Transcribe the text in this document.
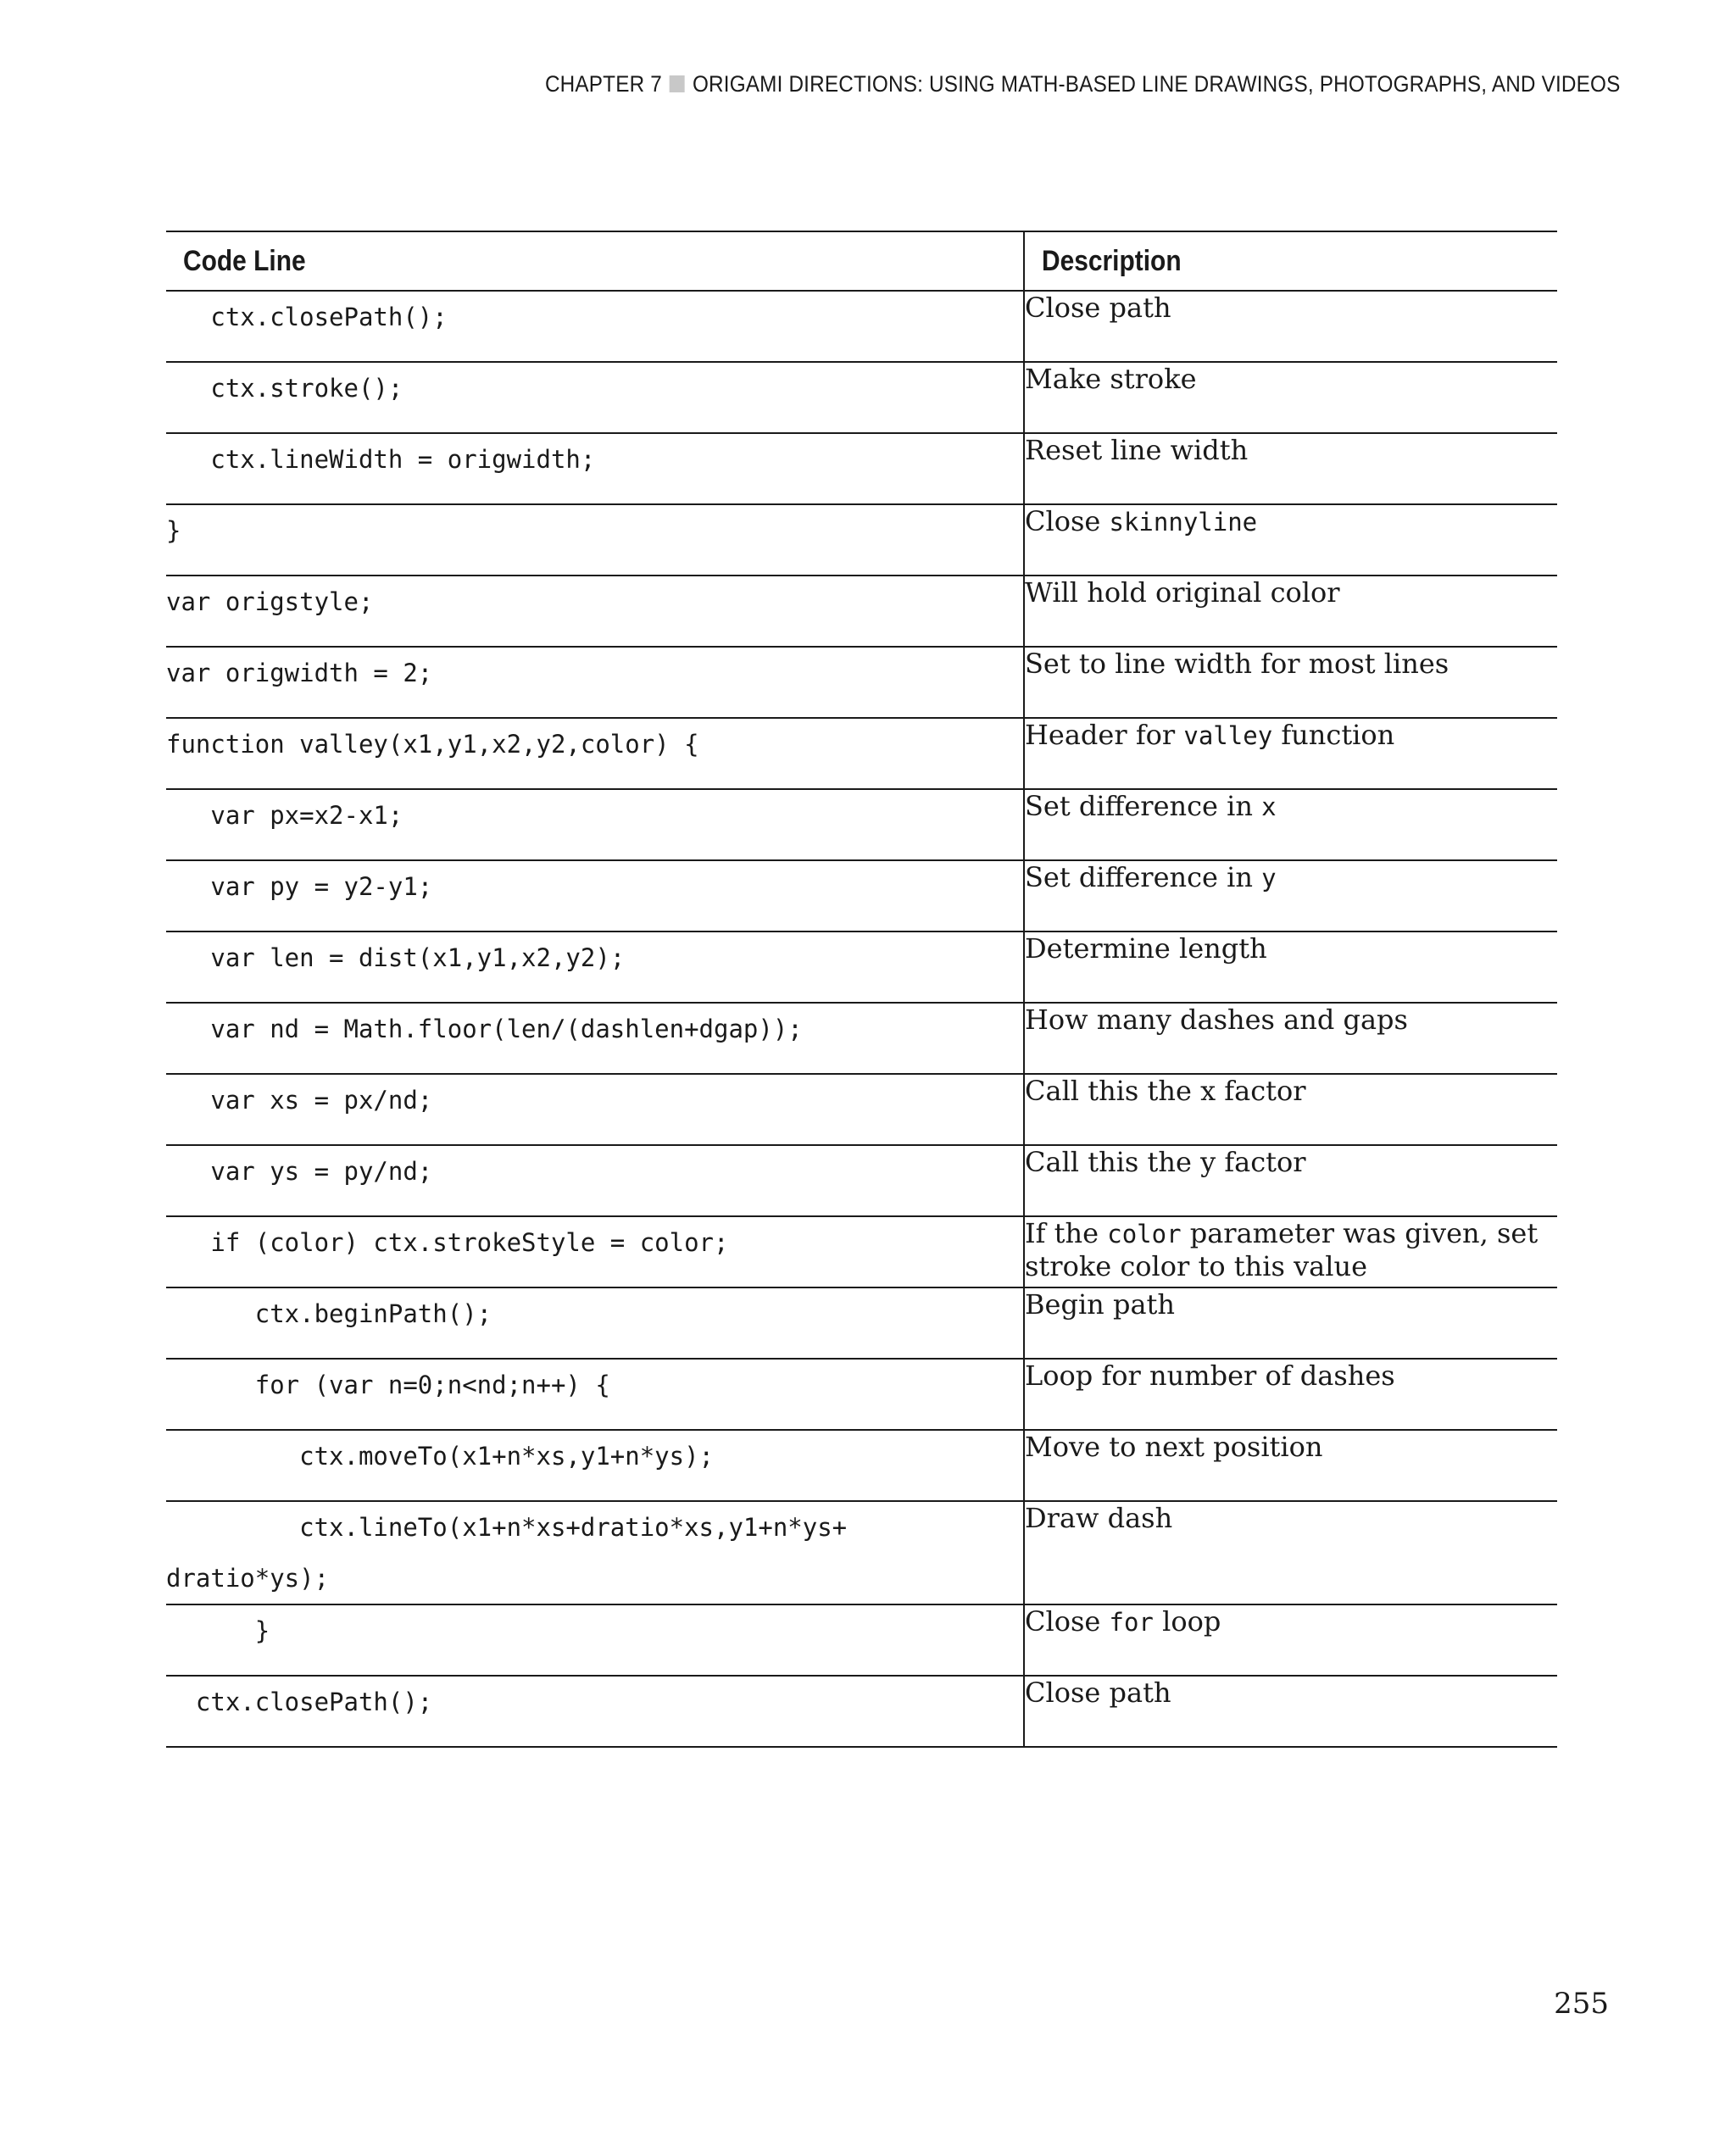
CHAPTER 7 ORIGAMI DIRECTIONS: USING MATH-BASED LINE DRAWINGS, PHOTOGRAPHS, AND VIDEOS
Code Line	Description
ctx.closePath();	Close path
ctx.stroke();	Make stroke
ctx.lineWidth = origwidth;	Reset line width
}	Close skinnyline
var origstyle;	Will hold original color
var origwidth = 2;	Set to line width for most lines
function valley(x1,y1,x2,y2,color) {	Header for valley function
var px=x2-x1;	Set difference in x
var py = y2-y1;	Set difference in y
var len = dist(x1,y1,x2,y2);	Determine length
var nd = Math.floor(len/(dashlen+dgap));	How many dashes and gaps
var xs = px/nd;	Call this the x factor
var ys = py/nd;	Call this the y factor
if (color) ctx.strokeStyle = color;	If the color parameter was given, set stroke color to this value
ctx.beginPath();	Begin path
for (var n=0;n<nd;n++) {	Loop for number of dashes
ctx.moveTo(x1+n*xs,y1+n*ys);	Move to next position
ctx.lineTo(x1+n*xs+dratio*xs,y1+n*ys+
dratio*ys);	Draw dash
}	Close for loop
ctx.closePath();	Close path
255
